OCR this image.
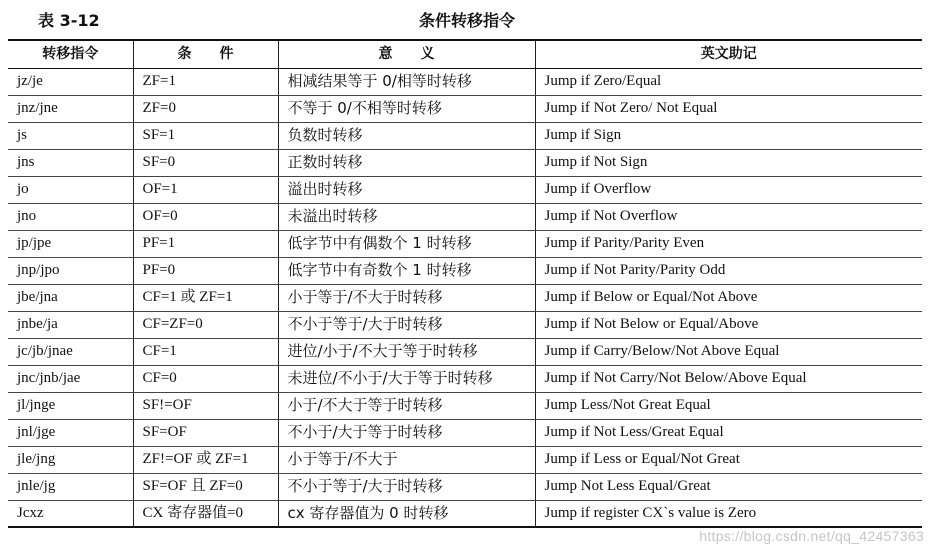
表 3-12	条件转移指令
转移指令	条　　件	意　　义	英文助记
jz/je	ZF=1	相减结果等于 0/相等时转移	Jump if Zero/Equal
jnz/jne	ZF=0	不等于 0/不相等时转移	Jump if Not Zero/ Not Equal
js	SF=1	负数时转移	Jump if Sign
jns	SF=0	正数时转移	Jump if Not Sign
jo	OF=1	溢出时转移	Jump if Overflow
jno	OF=0	未溢出时转移	Jump if Not Overflow
jp/jpe	PF=1	低字节中有偶数个 1 时转移	Jump if Parity/Parity Even
jnp/jpo	PF=0	低字节中有奇数个 1 时转移	Jump if Not Parity/Parity Odd
jbe/jna	CF=1 或 ZF=1	小于等于/不大于时转移	Jump if Below or Equal/Not Above
jnbe/ja	CF=ZF=0	不小于等于/大于时转移	Jump if Not Below or Equal/Above
jc/jb/jnae	CF=1	进位/小于/不大于等于时转移	Jump if Carry/Below/Not Above Equal
jnc/jnb/jae	CF=0	未进位/不小于/大于等于时转移	Jump if Not Carry/Not Below/Above Equal
jl/jnge	SF!=OF	小于/不大于等于时转移	Jump Less/Not Great Equal
jnl/jge	SF=OF	不小于/大于等于时转移	Jump if Not Less/Great Equal
jle/jng	ZF!=OF 或 ZF=1	小于等于/不大于	Jump if Less or Equal/Not Great
jnle/jg	SF=OF 且 ZF=0	不小于等于/大于时转移	Jump Not Less Equal/Great
Jcxz	CX 寄存器值=0	cx 寄存器值为 0 时转移	Jump if register CX`s value is Zero
https://blog.csdn.net/qq_42457363
